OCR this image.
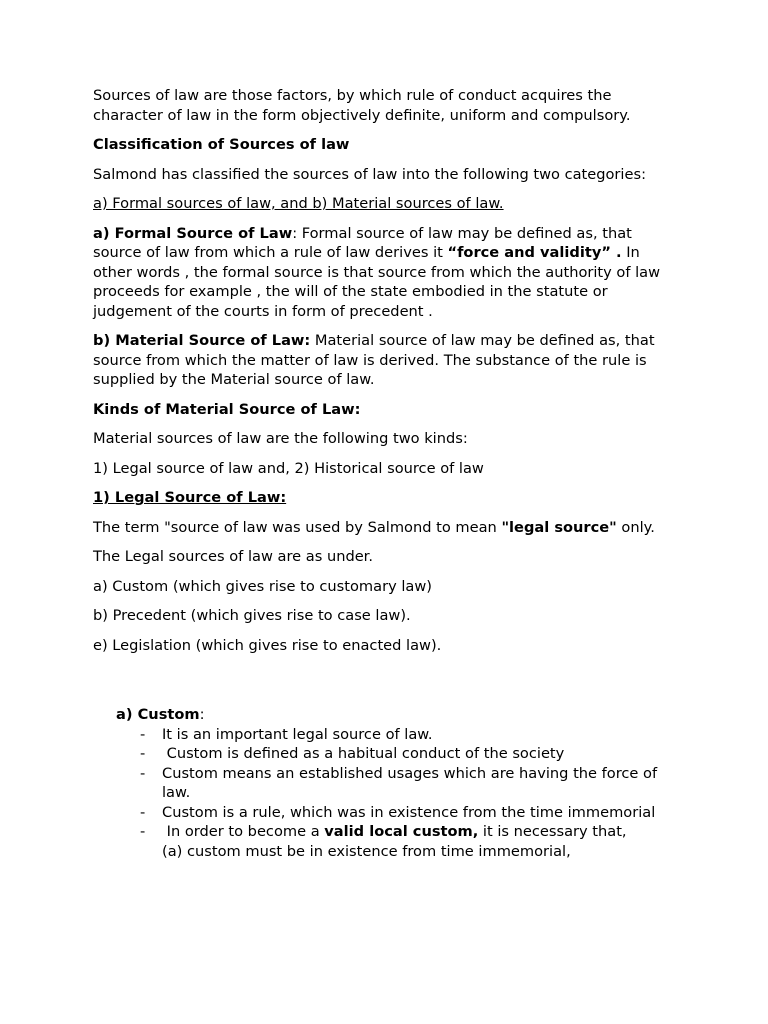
Sources of law are those factors, by which rule of conduct acquires the character of law in the form objectively definite, uniform and compulsory.

Classification of Sources of law

Salmond has classified the sources of law into the following two categories:

a) Formal sources of law, and b) Material sources of law.

a) Formal Source of Law: Formal source of law may be defined as, that source of law from which a rule of law derives it “force and validity” . In other words , the formal source is that source from which the authority of law proceeds for example , the will of the state embodied in the statute or judgement of the courts in form of precedent .

b) Material Source of Law: Material source of law may be defined as, that source from which the matter of law is derived. The substance of the rule is supplied by the Material source of law.

Kinds of Material Source of Law:

Material sources of law are the following two kinds:

1) Legal source of law and, 2) Historical source of law

1) Legal Source of Law:

The term "source of law was used by Salmond to mean "legal source" only.

The Legal sources of law are as under.

a) Custom (which gives rise to customary law)

b) Precedent (which gives rise to case law).

e) Legislation (which gives rise to enacted law).

a) Custom:
- It is an important legal source of law.
- Custom is defined as a habitual conduct of the society
- Custom means an established usages which are having the force of law.
- Custom is a rule, which was in existence from the time immemorial
- In order to become a valid local custom, it is necessary that,
(a) custom must be in existence from time immemorial,
